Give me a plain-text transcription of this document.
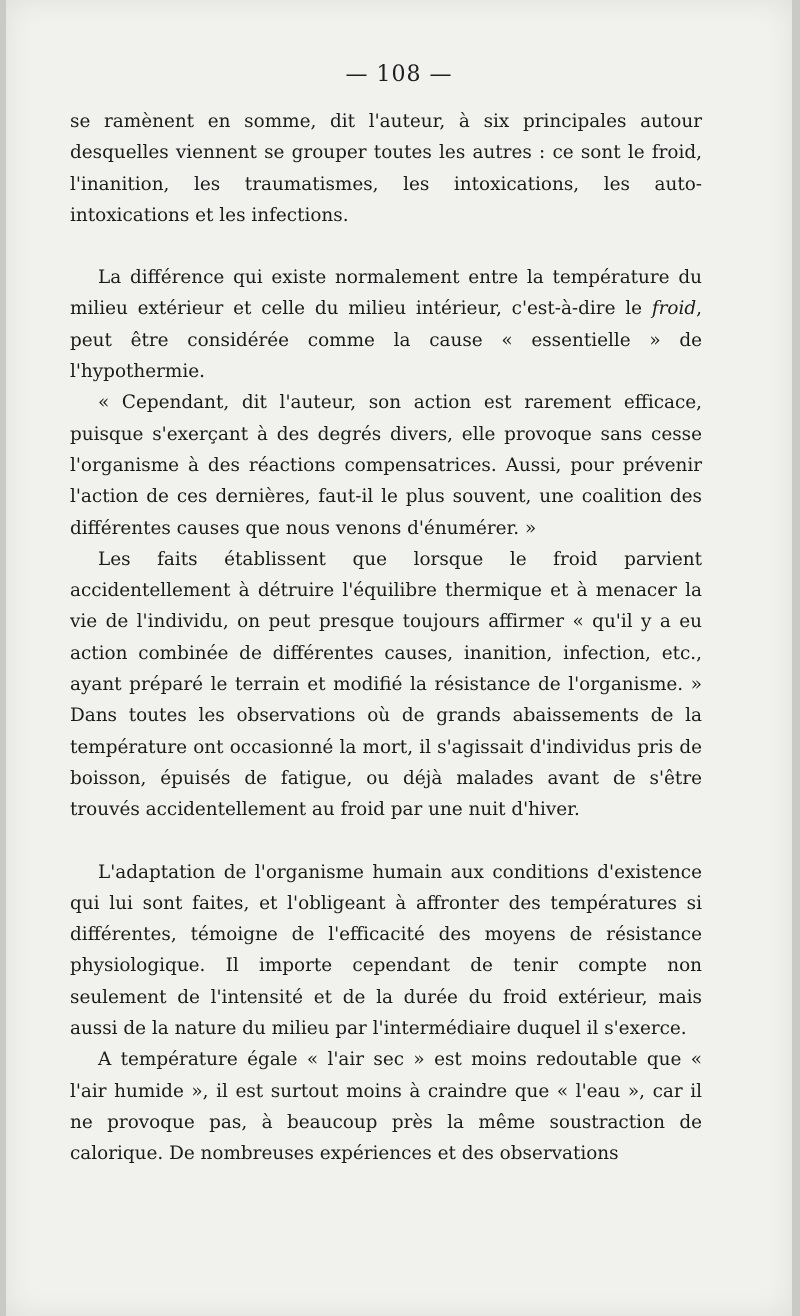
— 108 —

se ramènent en somme, dit l'auteur, à six principales autour desquelles viennent se grouper toutes les autres : ce sont le froid, l'inanition, les traumatismes, les intoxications, les auto-intoxications et les infections.

La différence qui existe normalement entre la température du milieu extérieur et celle du milieu intérieur, c'est-à-dire le froid, peut être considérée comme la cause « essentielle » de l'hypothermie.

« Cependant, dit l'auteur, son action est rarement efficace, puisque s'exerçant à des degrés divers, elle provoque sans cesse l'organisme à des réactions compensatrices. Aussi, pour prévenir l'action de ces dernières, faut-il le plus souvent, une coalition des différentes causes que nous venons d'énumérer. »

Les faits établissent que lorsque le froid parvient accidentellement à détruire l'équilibre thermique et à menacer la vie de l'individu, on peut presque toujours affirmer « qu'il y a eu action combinée de différentes causes, inanition, infection, etc., ayant préparé le terrain et modifié la résistance de l'organisme. » Dans toutes les observations où de grands abaissements de la température ont occasionné la mort, il s'agissait d'individus pris de boisson, épuisés de fatigue, ou déjà malades avant de s'être trouvés accidentellement au froid par une nuit d'hiver.

L'adaptation de l'organisme humain aux conditions d'existence qui lui sont faites, et l'obligeant à affronter des températures si différentes, témoigne de l'efficacité des moyens de résistance physiologique. Il importe cependant de tenir compte non seulement de l'intensité et de la durée du froid extérieur, mais aussi de la nature du milieu par l'intermédiaire duquel il s'exerce.

A température égale « l'air sec » est moins redoutable que « l'air humide », il est surtout moins à craindre que « l'eau », car il ne provoque pas, à beaucoup près la même soustraction de calorique. De nombreuses expériences et des observations
